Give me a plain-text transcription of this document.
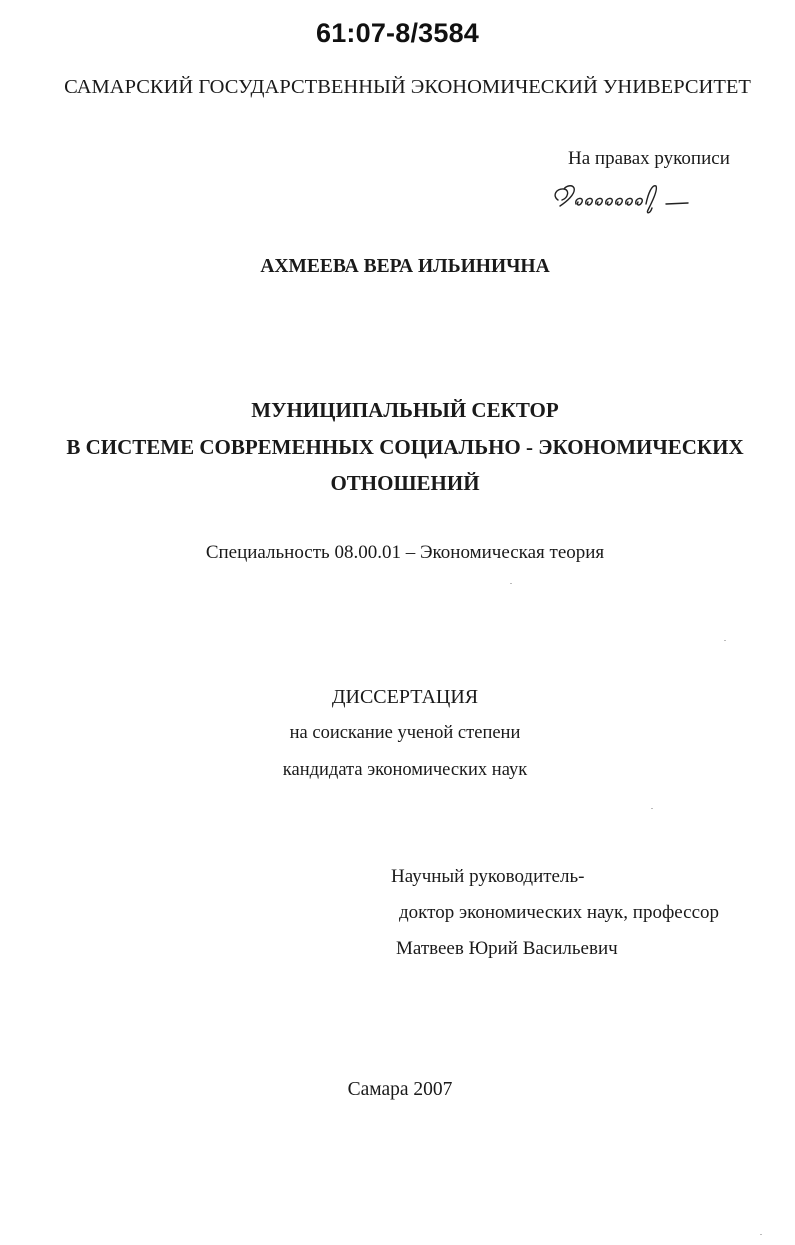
61:07-8/3584
САМАРСКИЙ ГОСУДАРСТВЕННЫЙ ЭКОНОМИЧЕСКИЙ УНИВЕРСИТЕТ
На правах рукописи
АХМЕЕВА ВЕРА ИЛЬИНИЧНА
МУНИЦИПАЛЬНЫЙ СЕКТОР
В СИСТЕМЕ СОВРЕМЕННЫХ СОЦИАЛЬНО - ЭКОНОМИЧЕСКИХ
ОТНОШЕНИЙ
Специальность 08.00.01 – Экономическая теория
ДИССЕРТАЦИЯ
на соискание ученой степени
кандидата экономических наук
Научный руководитель-
доктор экономических наук, профессор
Матвеев Юрий Васильевич
Самара 2007
